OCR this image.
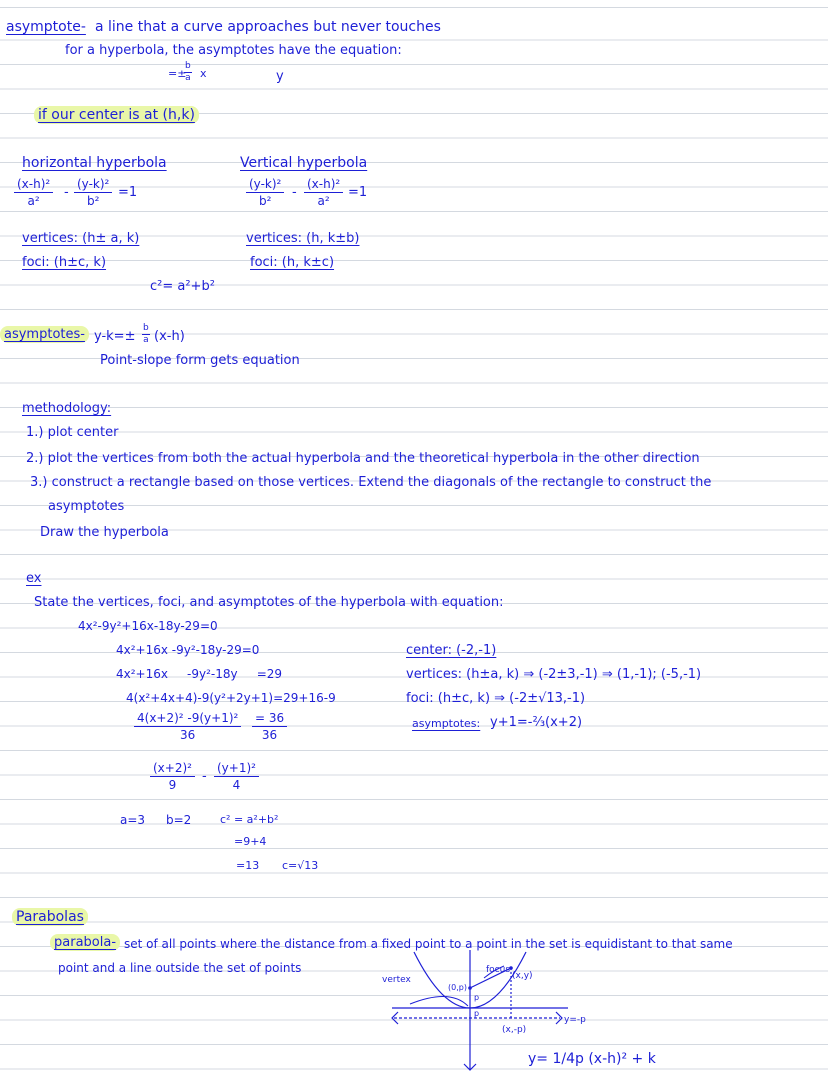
asymptote- a line that a curve approaches but never touches
for a hyperbola, the asymptotes have the equation:
=±
$\frac{b}{a}$ x	y
if our center is at (h,k)
horizontal hyperbola
$\frac{\text{(x-h)²}}{\text{a²}} - \frac{\text{(y-k)²}}{\text{b²}} =1$
vertices: (h± a, k)
foci: (h±c, k)
Vertical hyperbola
$\frac{\text{(y-k)²}}{\text{b²}} - \frac{\text{(x-h)²}}{\text{a²}} =1$
vertices: (h, k±b)
foci: (h, k±c)
c²= a²+b²
asymptotes- $y-k=\pm \frac{b}{a} (x-h)$
Point-slope form gets equation
methodology:
1.) plot center
2.) plot the vertices from both the actual hyperbola and the theoretical hyperbola in the other direction
3.) construct a rectangle based on those vertices. Extend the diagonals of the rectangle to construct the
asymptotes
Draw the hyperbola
ex
State the vertices, foci, and asymptotes of the hyperbola with equation:
4x²-9y²+16x-18y-29=0
4x²+16x -9y²-18y-29=0
4x²+16x     -9y²-18y     =29
4(x²+4x+4)-9(y²+2y+1)=29+16-9
$\frac{\text{4(x+2)² -9(y+1)²}}{36} \frac{= 36}{36}$
$\frac{\text{(x+2)²}}{9} - \frac{\text{(y+1)²}}{4}$
a=3 b=2	c² = a²+b²
=9+4
=13 c=√13
center: (-2,-1)
vertices: (h±a, k) ⇒ (-2±3,-1) ⇒ (1,-1); (-5,-1)
foci: (h±c, k) ⇒ (-2±√13,-1)
asymptotes: y+1=-⅔(x+2)
Parabolas
parabola- set of all points where the distance from a fixed point to a point in the set is equidistant to that same
point and a line outside the set of points
vertex
focus
(x,y)
(0,p)
p
p
(x,-p)
y=-p
y= 1/4p (x-h)² + k
